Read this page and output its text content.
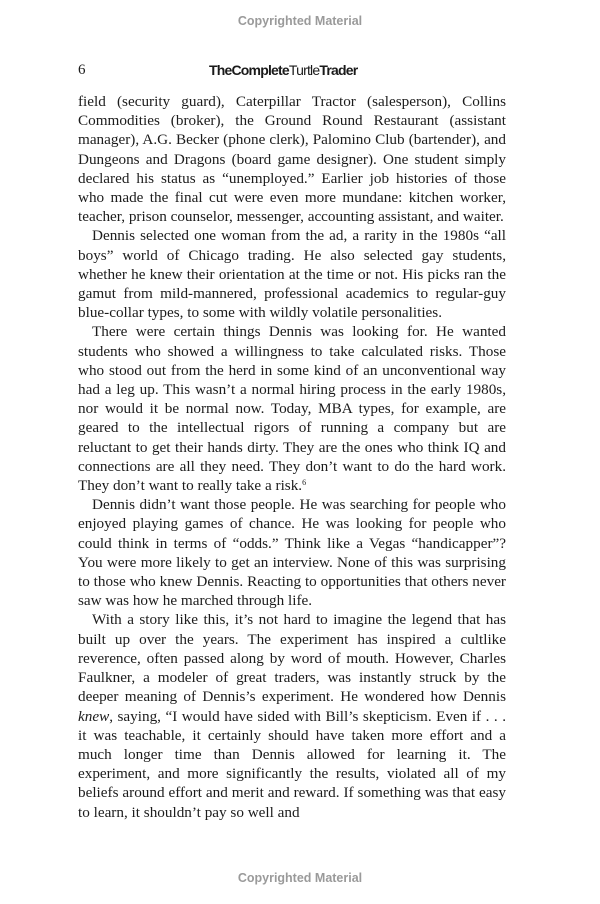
Copyrighted Material
6	TheCompleteTurtleTrader

field (security guard), Caterpillar Tractor (salesperson), Collins Commodities (broker), the Ground Round Restaurant (assistant manager), A.G. Becker (phone clerk), Palomino Club (bartender), and Dungeons and Dragons (board game designer). One student simply declared his status as “unemployed.” Earlier job histories of those who made the final cut were even more mundane: kitchen worker, teacher, prison counselor, messenger, accounting assistant, and waiter.

Dennis selected one woman from the ad, a rarity in the 1980s “all boys” world of Chicago trading. He also selected gay students, whether he knew their orientation at the time or not. His picks ran the gamut from mild-mannered, professional academics to regular-guy blue-collar types, to some with wildly volatile personalities.

There were certain things Dennis was looking for. He wanted students who showed a willingness to take calculated risks. Those who stood out from the herd in some kind of an unconventional way had a leg up. This wasn’t a normal hiring process in the early 1980s, nor would it be normal now. Today, MBA types, for example, are geared to the intellectual rigors of running a company but are reluctant to get their hands dirty. They are the ones who think IQ and connections are all they need. They don’t want to do the hard work. They don’t want to really take a risk.$^6$

Dennis didn’t want those people. He was searching for people who enjoyed playing games of chance. He was looking for people who could think in terms of “odds.” Think like a Vegas “handicapper”? You were more likely to get an interview. None of this was surprising to those who knew Dennis. Reacting to opportunities that others never saw was how he marched through life.

With a story like this, it’s not hard to imagine the legend that has built up over the years. The experiment has inspired a cultlike reverence, often passed along by word of mouth. However, Charles Faulkner, a modeler of great traders, was instantly struck by the deeper meaning of Dennis’s experiment. He wondered how Dennis knew, saying, “I would have sided with Bill’s skepticism. Even if . . . it was teachable, it certainly should have taken more effort and a much longer time than Dennis allowed for learning it. The experiment, and more significantly the results, violated all of my beliefs around effort and merit and reward. If something was that easy to learn, it shouldn’t pay so well and

Copyrighted Material
